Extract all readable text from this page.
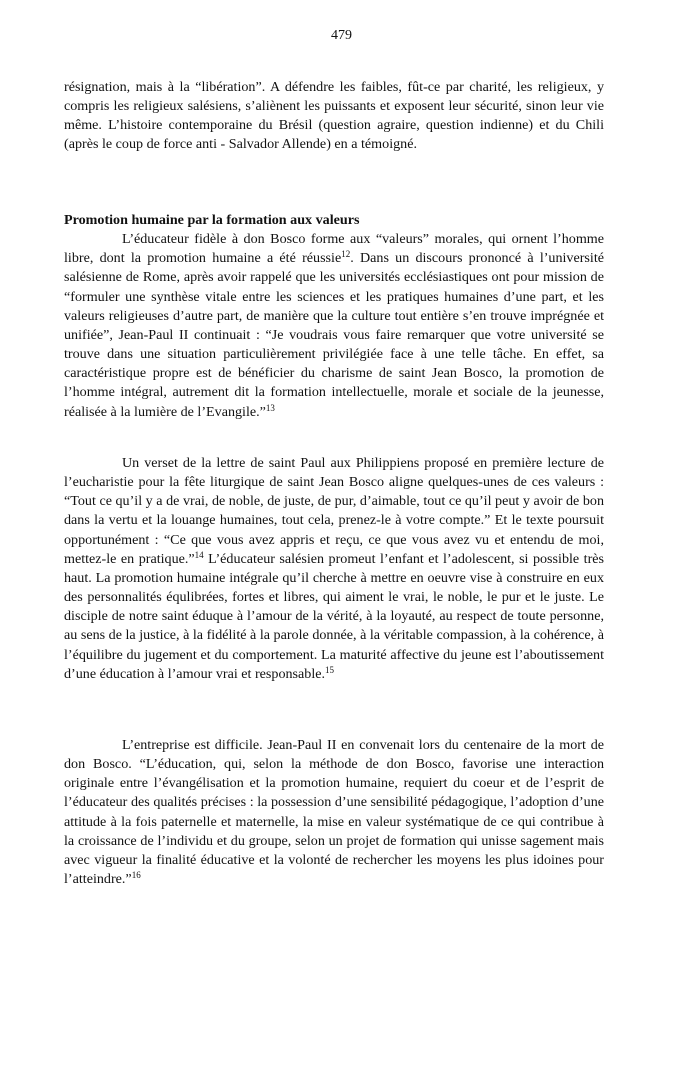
479

résignation, mais à la “libération”. A défendre les faibles, fût-ce par charité, les religieux, y compris les religieux salésiens, s’aliènent les puissants et exposent leur sécurité, sinon leur vie même. L’histoire contemporaine du Brésil (question agraire, question indienne) et du Chili (après le coup de force anti - Salvador Allende) en a témoigné.

Promotion humaine par la formation aux valeurs

L’éducateur fidèle à don Bosco forme aux “valeurs” morales, qui ornent l’homme libre, dont la promotion humaine a été réussie$^{12}$. Dans un discours prononcé à l’université salésienne de Rome, après avoir rappelé que les universités ecclésiastiques ont pour mission de “formuler une synthèse vitale entre les sciences et les pratiques humaines d’une part, et les valeurs religieuses d’autre part, de manière que la culture tout entière s’en trouve imprégnée et unifiée”, Jean-Paul II continuait : “Je voudrais vous faire remarquer que votre université se trouve dans une situation particulièrement privilégiée face à une telle tâche. En effet, sa caractéristique propre est de bénéficier du charisme de saint Jean Bosco, la promotion de l’homme intégral, autrement dit la formation intellectuelle, morale et sociale de la jeunesse, réalisée à la lumière de l’Evangile.”$^{13}$

Un verset de la lettre de saint Paul aux Philippiens proposé en première lecture de l’eucharistie pour la fête liturgique de saint Jean Bosco aligne quelques-unes de ces valeurs : “Tout ce qu’il y a de vrai, de noble, de juste, de pur, d’aimable, tout ce qu’il peut y avoir de bon dans la vertu et la louange humaines, tout cela, prenez-le à votre compte.” Et le texte poursuit opportunément : “Ce que vous avez appris et reçu, ce que vous avez vu et entendu de moi, mettez-le en pratique.”$^{14}$ L’éducateur salésien promeut l’enfant et l’adolescent, si possible très haut. La promotion humaine intégrale qu’il cherche à mettre en oeuvre vise à construire en eux des personnalités équlibrées, fortes et libres, qui aiment le vrai, le noble, le pur et le juste. Le disciple de notre saint éduque à l’amour de la vérité, à la loyauté, au respect de toute personne, au sens de la justice, à la fidélité à la parole donnée, à la véritable compassion, à la cohérence, à l’équilibre du jugement et du comportement. La maturité affective du jeune est l’aboutissement d’une éducation à l’amour vrai et responsable.$^{15}$

L’entreprise est difficile. Jean-Paul II en convenait lors du centenaire de la mort de don Bosco. “L’éducation, qui, selon la méthode de don Bosco, favorise une interaction originale entre l’évangélisation et la promotion humaine, requiert du coeur et de l’esprit de l’éducateur des qualités précises : la possession d’une sensibilité pédagogique, l’adoption d’une attitude à la fois paternelle et maternelle, la mise en valeur systématique de ce qui contribue à la croissance de l’individu et du groupe, selon un projet de formation qui unisse sagement mais avec vigueur la finalité éducative et la volonté de rechercher les moyens les plus idoines pour l’atteindre.”$^{16}$
